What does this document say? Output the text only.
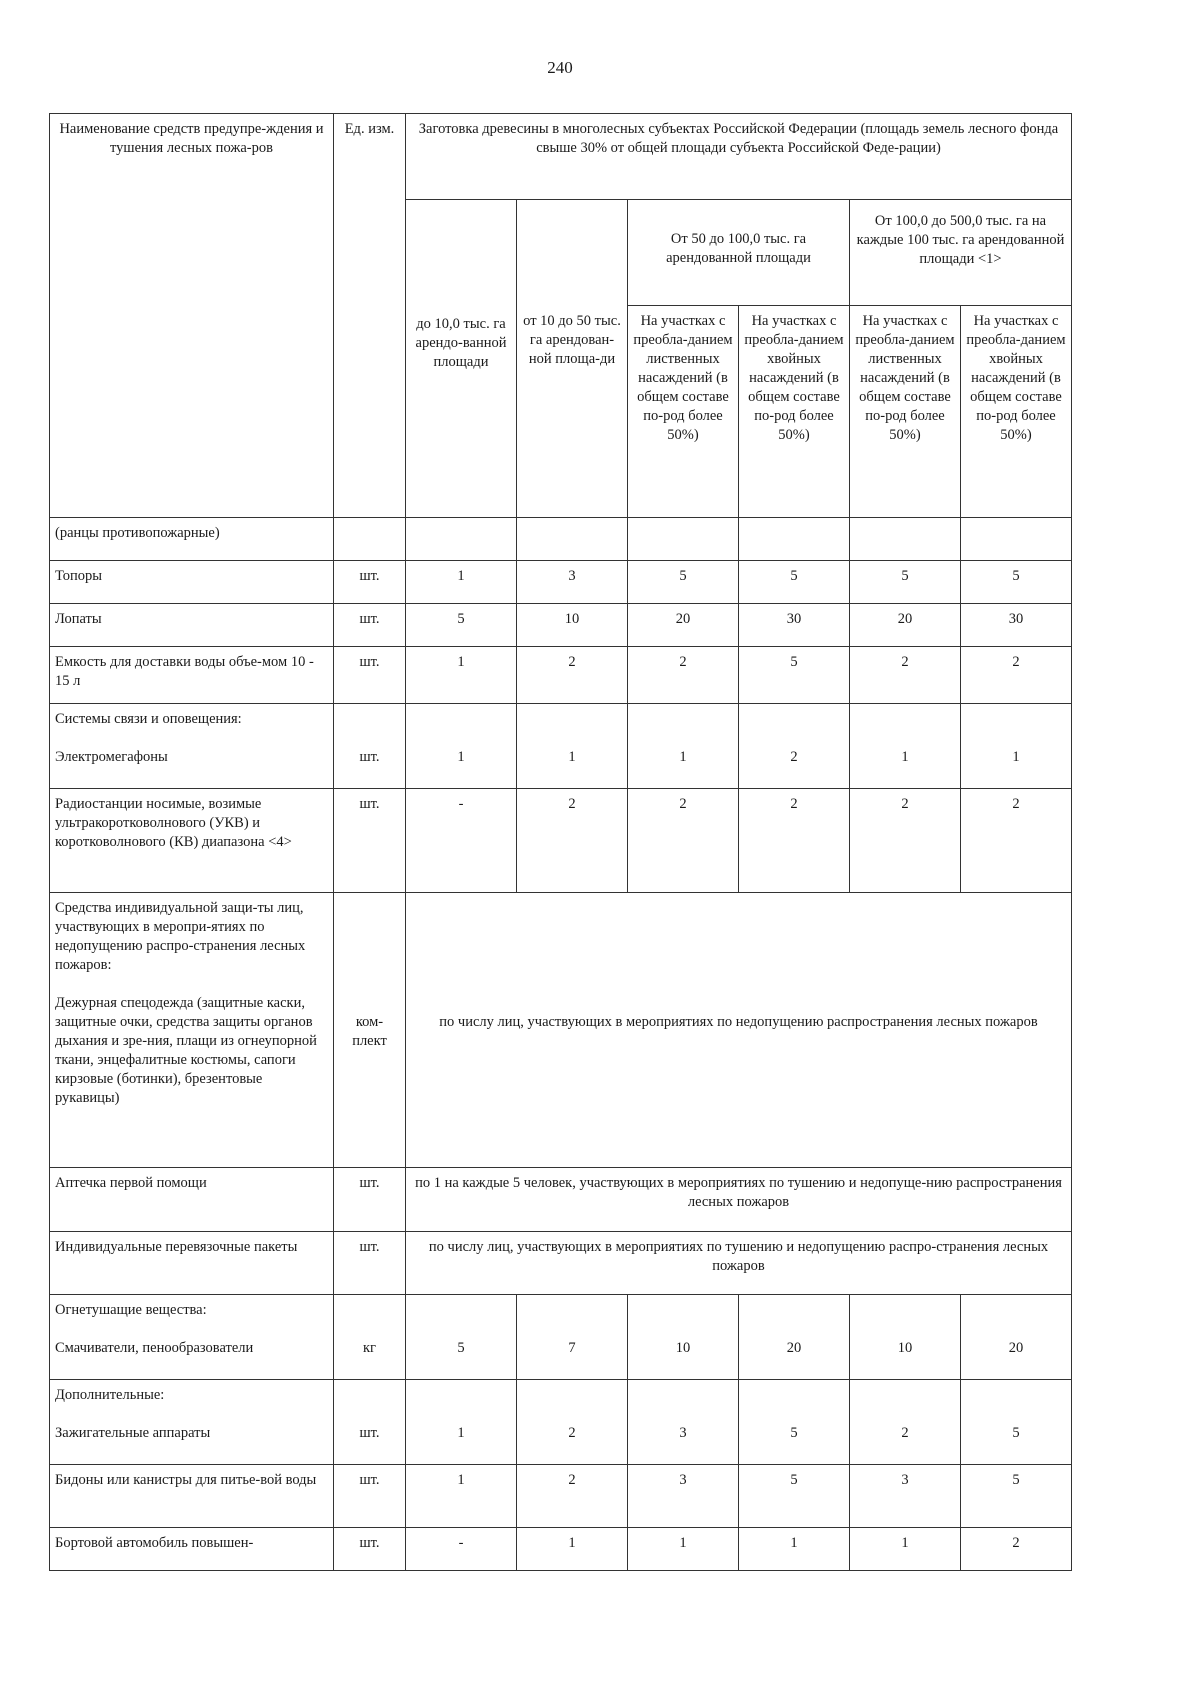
240
Наименование средств предупре-ждения и тушения лесных пожа-ров	Ед. изм.	Заготовка древесины в многолесных субъектах Российской Федерации (площадь земель лесного фонда свыше 30% от общей площади субъекта Российской Феде-рации)					
		до 10,0 тыс. га арендо-ванной площади	от 10 до 50 тыс. га арендован-ной площа-ди	От 50 до 100,0 тыс. га арендованной площади		От 100,0 до 500,0 тыс. га на каждые 100 тыс. га арендованной площади <1>	
				На участках с преобла-данием лиственных насаждений (в общем составе по-род более 50%)	На участках с преобла-данием хвойных насаждений (в общем составе по-род более 50%)	На участках с преобла-данием лиственных насаждений (в общем составе по-род более 50%)	На участках с преобла-данием хвойных насаждений (в общем составе по-род более 50%)
(ранцы противопожарные)							
Топоры	шт.	1	3	5	5	5	5
Лопаты	шт.	5	10	20	30	20	30
Емкость для доставки воды объе-мом 10 - 15 л	шт.	1	2	2	5	2	2

Системы связи и оповещения:
Электромегафоны	шт.	1	1	1	2	1	1
Радиостанции носимые, возимые ультракоротковолнового (УКВ) и коротковолнового (КВ) диапазона <4>	шт.	-	2	2	2	2	2

Средства индивидуальной защи-ты лиц, участвующих в меропри-ятиях по недопущению распро-странения лесных пожаров:
Дежурная спецодежда (защитные каски, защитные очки, средства защиты органов дыхания и зре-ния, плащи из огнеупорной ткани, энцефалитные костюмы, сапоги кирзовые (ботинки), брезентовые рукавицы)	ком-плект	по числу лиц, участвующих в мероприятиях по недопущению распространения лесных пожаров					
Аптечка первой помощи	шт.	по 1 на каждые 5 человек, участвующих в мероприятиях по тушению и недопуще-нию распространения лесных пожаров					
Индивидуальные перевязочные пакеты	шт.	по числу лиц, участвующих в мероприятиях по тушению и недопущению распро-странения лесных пожаров					

Огнетушащие вещества:
Смачиватели, пенообразователи	кг	5	7	10	20	10	20

Дополнительные:
Зажигательные аппараты	шт.	1	2	3	5	2	5
Бидоны или канистры для питье-вой воды	шт.	1	2	3	5	3	5
Бортовой автомобиль повышен-	шт.	-	1	1	1	1	2
